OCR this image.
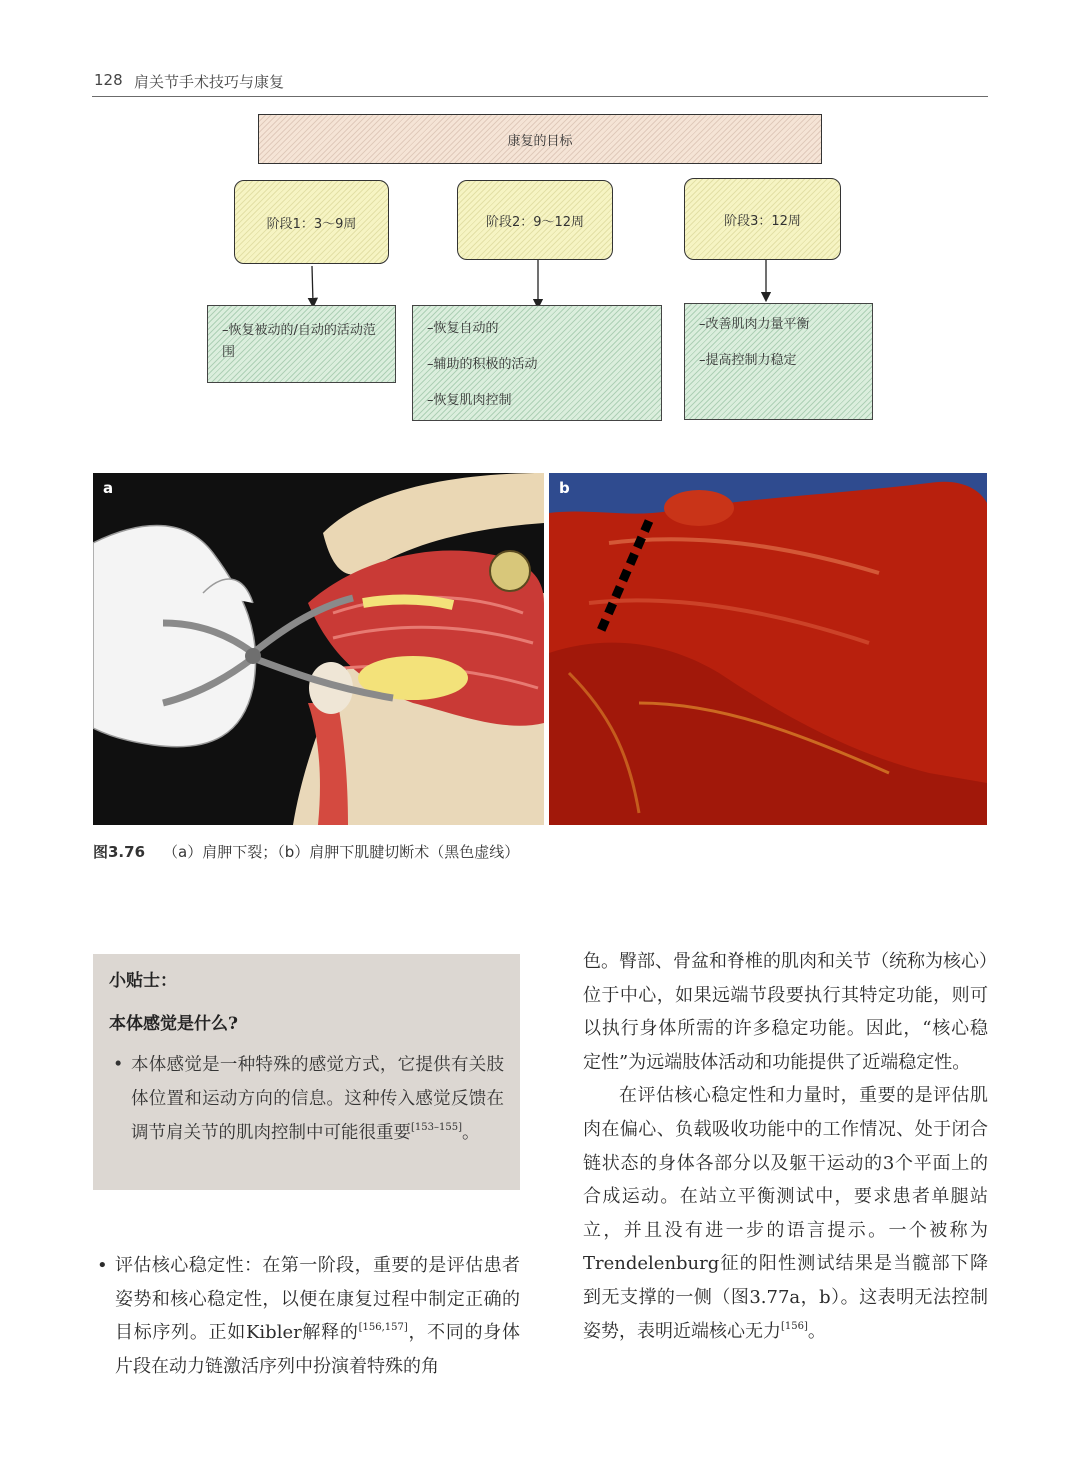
128 肩关节手术技巧与康复
康复的目标
阶段1：3～9周	阶段2：9～12周	阶段3：12周
–恢复被动的/自动的活动范围
–恢复自动的
–辅助的积极的活动
–恢复肌肉控制
–改善肌肉力量平衡
–提高控制力稳定
a	b
图3.76 （a）肩胛下裂；（b）肩胛下肌腱切断术（黑色虚线）
小贴士：
本体感觉是什么?
• 本体感觉是一种特殊的感觉方式，它提供有关肢体位置和运动方向的信息。这种传入感觉反馈在调节肩关节的肌肉控制中可能很重要[153–155]。

• 评估核心稳定性：在第一阶段，重要的是评估患者姿势和核心稳定性，以便在康复过程中制定正确的目标序列。正如Kibler解释的[156,157]，不同的身体片段在动力链激活序列中扮演着特殊的角

色。臀部、骨盆和脊椎的肌肉和关节（统称为核心）位于中心，如果远端节段要执行其特定功能，则可以执行身体所需的许多稳定功能。因此，“核心稳定性”为远端肢体活动和功能提供了近端稳定性。

在评估核心稳定性和力量时，重要的是评估肌肉在偏心、负载吸收功能中的工作情况、处于闭合链状态的身体各部分以及躯干运动的3个平面上的合成运动。在站立平衡测试中，要求患者单腿站立，并且没有进一步的语言提示。一个被称为Trendelenburg征的阳性测试结果是当髋部下降到无支撑的一侧（图3.77a，b）。这表明无法控制姿势，表明近端核心无力[156]。
